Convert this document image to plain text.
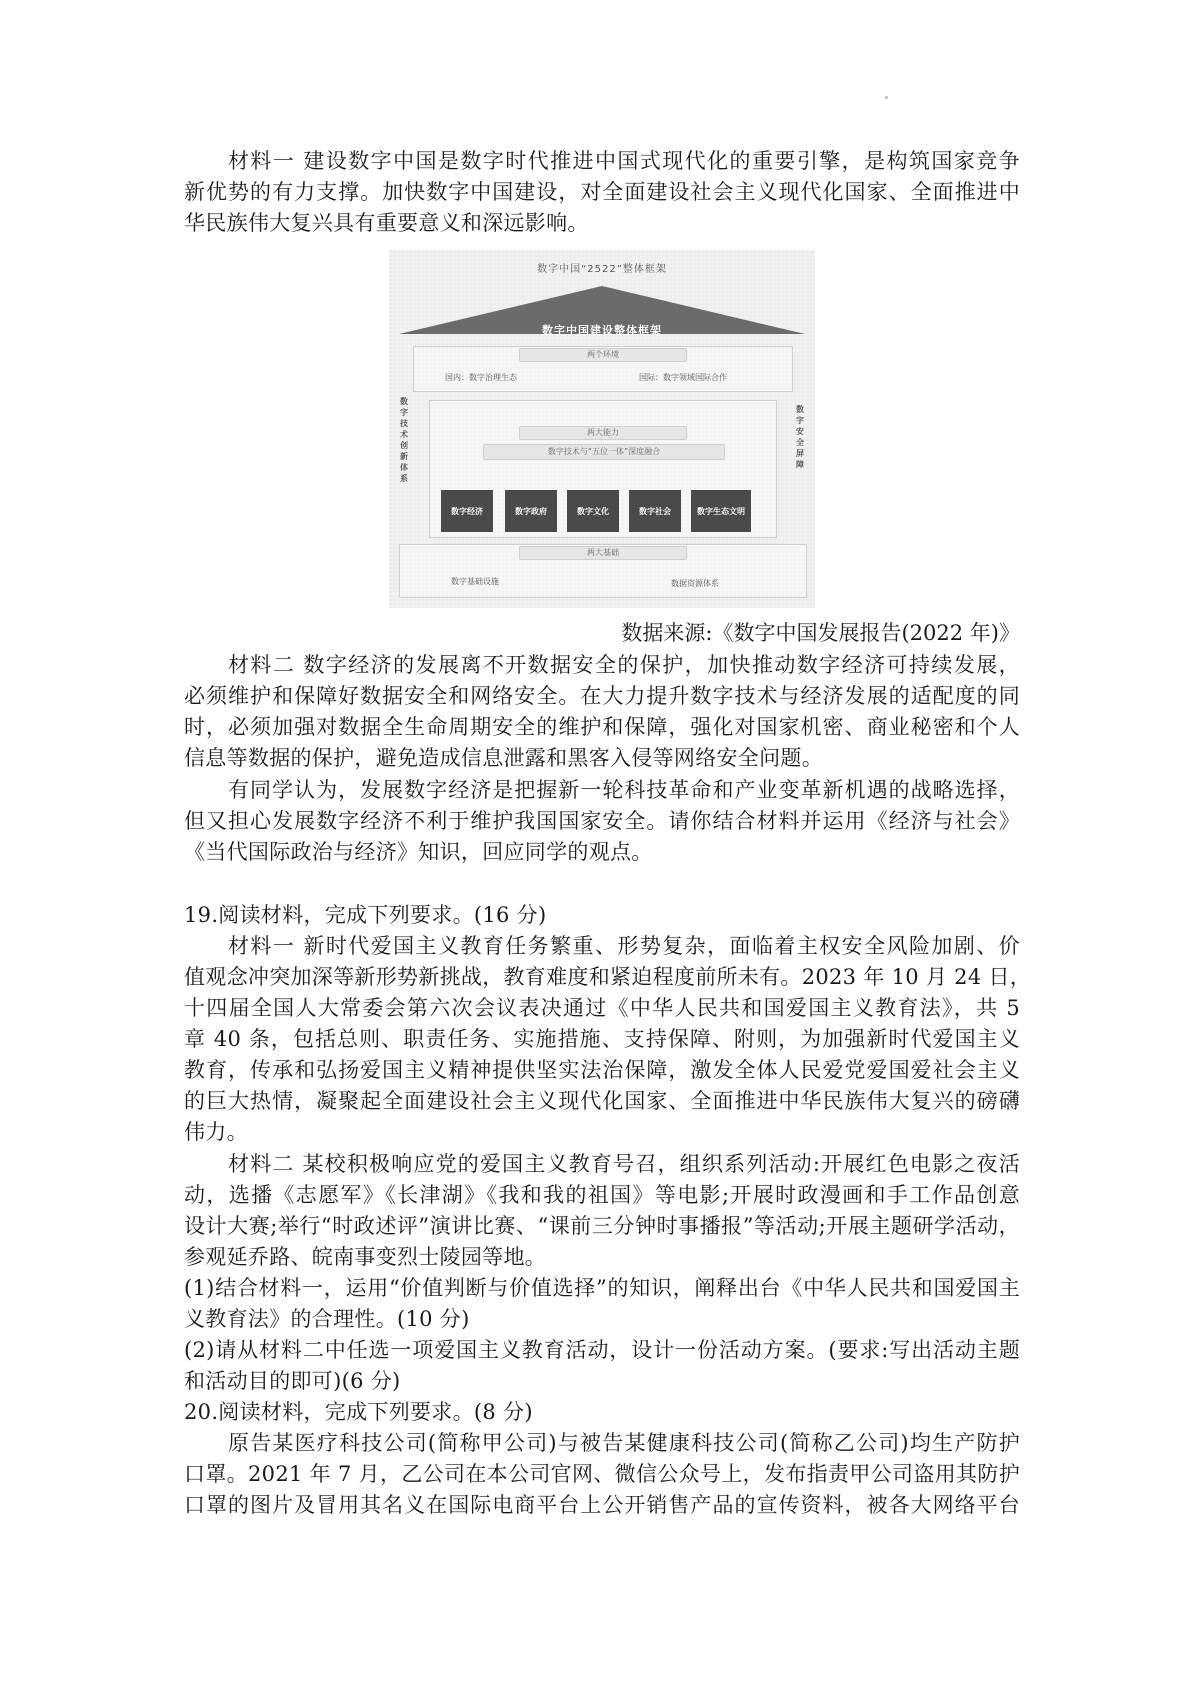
材料一 建设数字中国是数字时代推进中国式现代化的重要引擎，是构筑国家竞争
新优势的有力支撑。加快数字中国建设，对全面建设社会主义现代化国家、全面推进中
华民族伟大复兴具有重要意义和深远影响。
数字中国“2522”整体框架
数字中国建设整体框架
两个环境
国内：数字治理生态	国际：数字领域国际合作
数字技术创新体系
数字安全屏障
两大能力
数字技术与“五位一体”深度融合
数字经济	数字政府	数字文化	数字社会	数字生态文明
两大基础
数字基础设施	数据资源体系

数据来源:《数字中国发展报告(2022 年)》

材料二 数字经济的发展离不开数据安全的保护，加快推动数字经济可持续发展，
必须维护和保障好数据安全和网络安全。在大力提升数字技术与经济发展的适配度的同
时，必须加强对数据全生命周期安全的维护和保障，强化对国家机密、商业秘密和个人
信息等数据的保护，避免造成信息泄露和黑客入侵等网络安全问题。
有同学认为，发展数字经济是把握新一轮科技革命和产业变革新机遇的战略选择，
但又担心发展数字经济不利于维护我国国家安全。请你结合材料并运用《经济与社会》
《当代国际政治与经济》知识，回应同学的观点。

19.阅读材料，完成下列要求。(16 分)

材料一 新时代爱国主义教育任务繁重、形势复杂，面临着主权安全风险加剧、价
值观念冲突加深等新形势新挑战，教育难度和紧迫程度前所未有。2023 年 10 月 24 日，
十四届全国人大常委会第六次会议表决通过《中华人民共和国爱国主义教育法》，共 5
章 40 条，包括总则、职责任务、实施措施、支持保障、附则，为加强新时代爱国主义
教育，传承和弘扬爱国主义精神提供坚实法治保障，激发全体人民爱党爱国爱社会主义
的巨大热情，凝聚起全面建设社会主义现代化国家、全面推进中华民族伟大复兴的磅礴
伟力。
材料二 某校积极响应党的爱国主义教育号召，组织系列活动:开展红色电影之夜活
动，选播《志愿军》《长津湖》《我和我的祖国》等电影;开展时政漫画和手工作品创意
设计大赛;举行“时政述评”演讲比赛、“课前三分钟时事播报”等活动;开展主题研学活动，
参观延乔路、皖南事变烈士陵园等地。
(1)结合材料一，运用“价值判断与价值选择”的知识，阐释出台《中华人民共和国爱国主
义教育法》的合理性。(10 分)
(2)请从材料二中任选一项爱国主义教育活动，设计一份活动方案。(要求:写出活动主题
和活动目的即可)(6 分)

20.阅读材料，完成下列要求。(8 分)

原告某医疗科技公司(简称甲公司)与被告某健康科技公司(简称乙公司)均生产防护
口罩。2021 年 7 月，乙公司在本公司官网、微信公众号上，发布指责甲公司盗用其防护
口罩的图片及冒用其名义在国际电商平台上公开销售产品的宣传资料，被各大网络平台
